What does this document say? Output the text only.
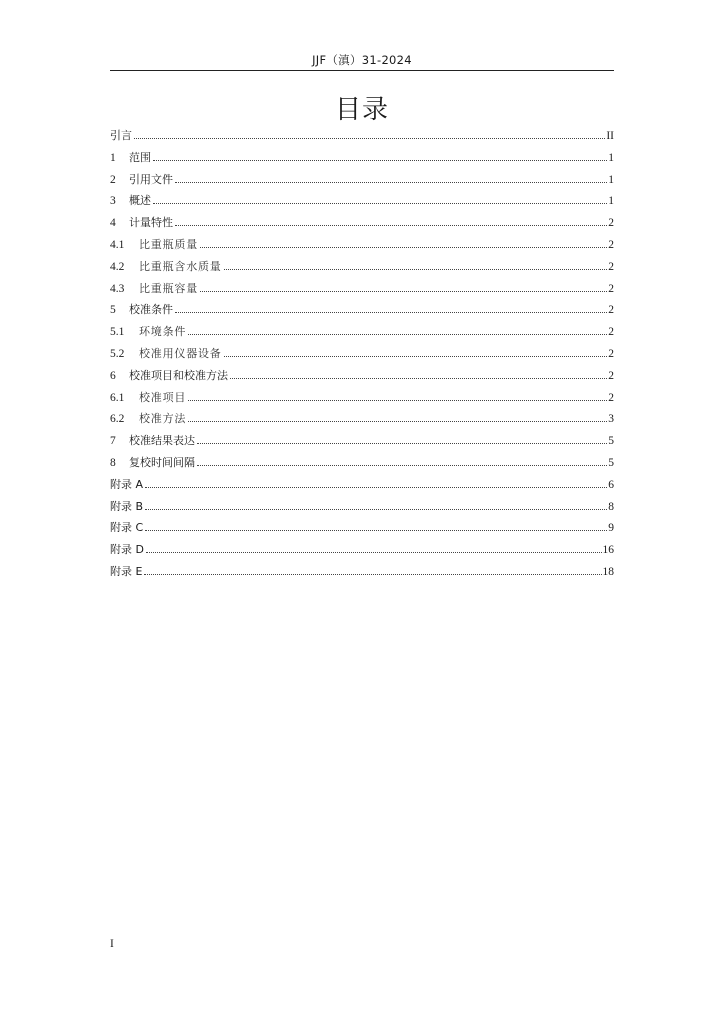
JJF（滇）31-2024
目录
引言	II
1	范围	1
2	引用文件	1
3	概述	1
4	计量特性	2
4.1	比重瓶质量	2
4.2	比重瓶含水质量	2
4.3	比重瓶容量	2
5	校准条件	2
5.1	环境条件	2
5.2	校准用仪器设备	2
6	校准项目和校准方法	2
6.1	校准项目	2
6.2	校准方法	3
7	校准结果表达	5
8	复校时间间隔	5
附录 A	6
附录 B	8
附录 C	9
附录 D	16
附录 E	18
I
